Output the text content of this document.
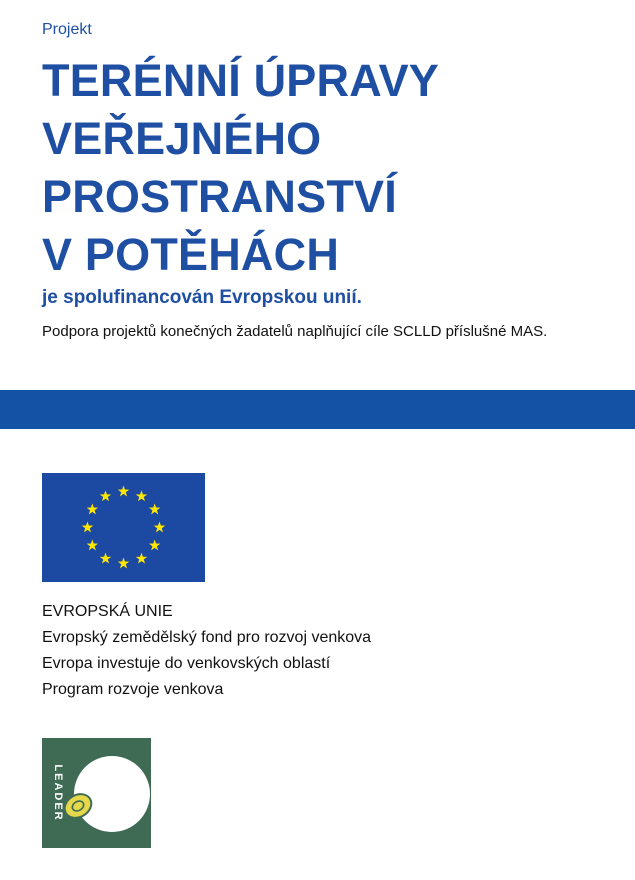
Projekt
TERÉNNÍ ÚPRAVY
VEŘEJNÉHO
PROSTRANSTVÍ
V POTĚHÁCH
je spolufinancován Evropskou unií.
Podpora projektů konečných žadatelů naplňující cíle SCLLD příslušné MAS.
EVROPSKÁ UNIE
Evropský zemědělský fond pro rozvoj venkova
Evropa investuje do venkovských oblastí
Program rozvoje venkova
LEADER
